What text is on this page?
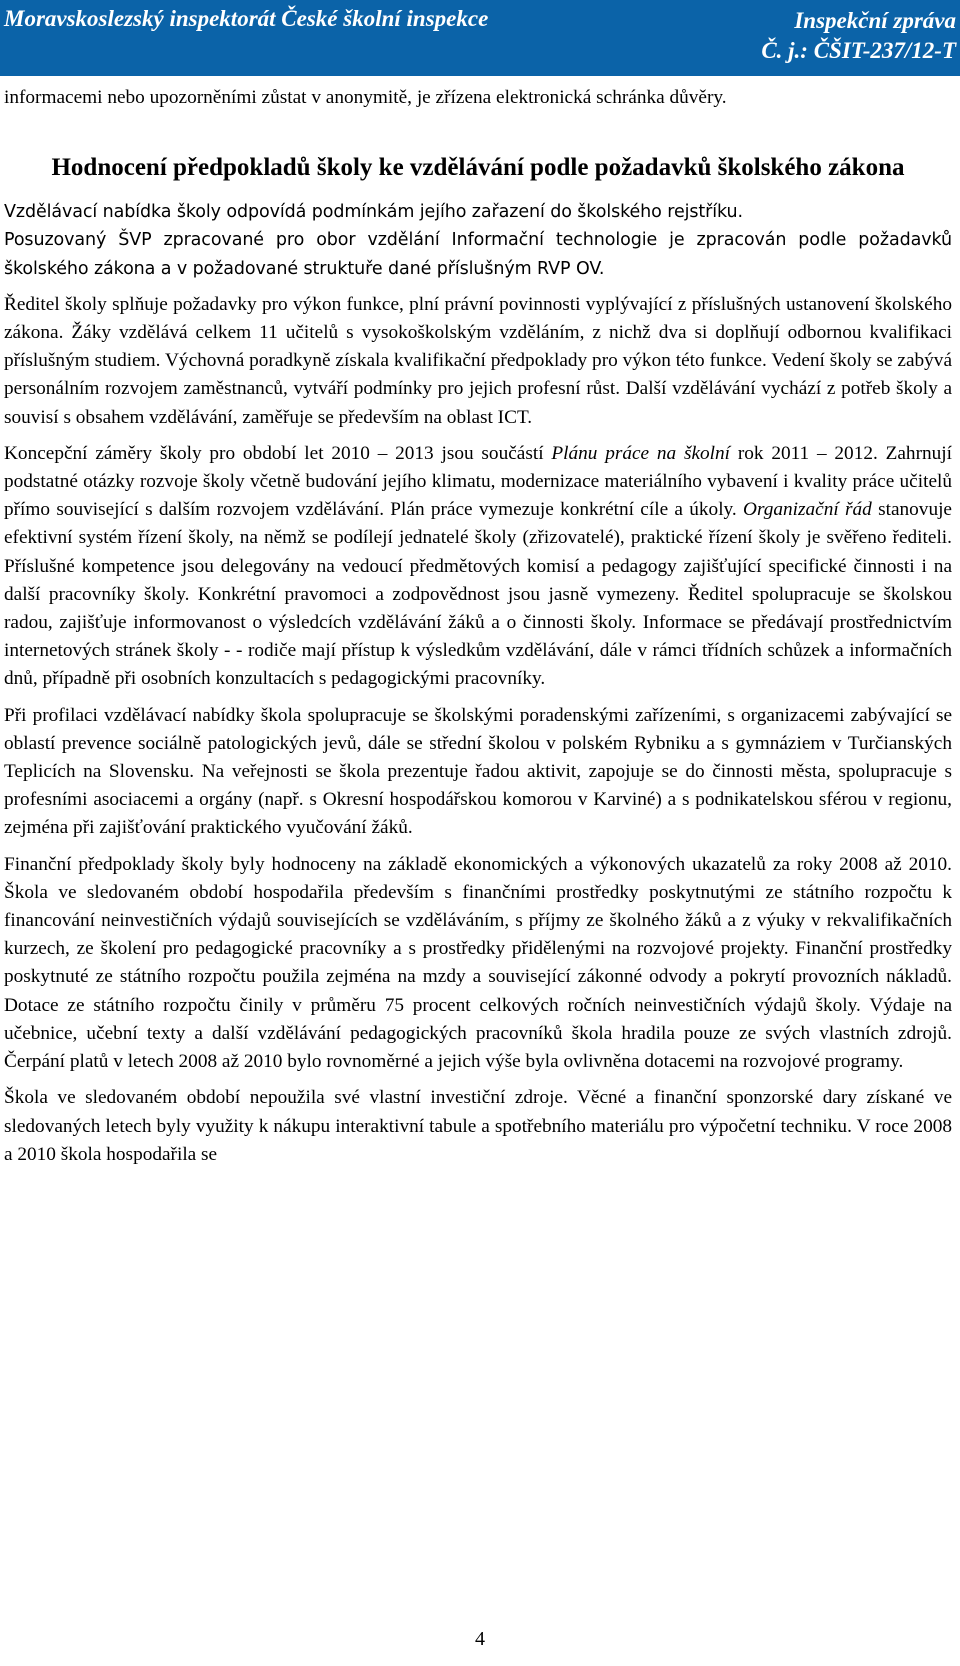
Moravskoslezský inspektorát České školní inspekce	Inspekční zpráva
Č. j.: ČŠIT-237/12-T

informacemi nebo upozorněními zůstat v anonymitě, je zřízena elektronická schránka důvěry.

Hodnocení předpokladů školy ke vzdělávání podle požadavků školského zákona

Vzdělávací nabídka školy odpovídá podmínkám jejího zařazení do školského rejstříku.

Posuzovaný ŠVP zpracované pro obor vzdělání Informační technologie je zpracován podle požadavků školského zákona a v požadované struktuře dané příslušným RVP OV.

Ředitel školy splňuje požadavky pro výkon funkce, plní právní povinnosti vyplývající z příslušných ustanovení školského zákona. Žáky vzdělává celkem 11 učitelů s vysokoškolským vzděláním, z nichž dva si doplňují odbornou kvalifikaci příslušným studiem. Výchovná poradkyně získala kvalifikační předpoklady pro výkon této funkce. Vedení školy se zabývá personálním rozvojem zaměstnanců, vytváří podmínky pro jejich profesní růst. Další vzdělávání vychází z potřeb školy a souvisí s obsahem vzdělávání, zaměřuje se především na oblast ICT.

Koncepční záměry školy pro období let 2010 – 2013 jsou součástí Plánu práce na školní rok 2011 – 2012. Zahrnují podstatné otázky rozvoje školy včetně budování jejího klimatu, modernizace materiálního vybavení i kvality práce učitelů přímo související s dalším rozvojem vzdělávání. Plán práce vymezuje konkrétní cíle a úkoly. Organizační řád stanovuje efektivní systém řízení školy, na němž se podílejí jednatelé školy (zřizovatelé), praktické řízení školy je svěřeno řediteli. Příslušné kompetence jsou delegovány na vedoucí předmětových komisí a pedagogy zajišťující specifické činnosti i na další pracovníky školy. Konkrétní pravomoci a zodpovědnost jsou jasně vymezeny. Ředitel spolupracuje se školskou radou, zajišťuje informovanost o výsledcích vzdělávání žáků a o činnosti školy. Informace se předávají prostřednictvím internetových stránek školy - - rodiče mají přístup k výsledkům vzdělávání, dále v rámci třídních schůzek a informačních dnů, případně při osobních konzultacích s pedagogickými pracovníky.

Při profilaci vzdělávací nabídky škola spolupracuje se školskými poradenskými zařízeními, s organizacemi zabývající se oblastí prevence sociálně patologických jevů, dále se střední školou v polském Rybniku a s gymnáziem v Turčianských Teplicích na Slovensku. Na veřejnosti se škola prezentuje řadou aktivit, zapojuje se do činnosti města, spolupracuje s profesními asociacemi a orgány (např. s Okresní hospodářskou komorou v Karviné) a s podnikatelskou sférou v regionu, zejména při zajišťování praktického vyučování žáků.

Finanční předpoklady školy byly hodnoceny na základě ekonomických a výkonových ukazatelů za roky 2008 až 2010. Škola ve sledovaném období hospodařila především s finančními prostředky poskytnutými ze státního rozpočtu k financování neinvestičních výdajů souvisejících se vzděláváním, s příjmy ze školného žáků a z výuky v rekvalifikačních kurzech, ze školení pro pedagogické pracovníky a s prostředky přidělenými na rozvojové projekty. Finanční prostředky poskytnuté ze státního rozpočtu použila zejména na mzdy a související zákonné odvody a pokrytí provozních nákladů. Dotace ze státního rozpočtu činily v průměru 75 procent celkových ročních neinvestičních výdajů školy. Výdaje na učebnice, učební texty a další vzdělávání pedagogických pracovníků škola hradila pouze ze svých vlastních zdrojů. Čerpání platů v letech 2008 až 2010 bylo rovnoměrné a jejich výše byla ovlivněna dotacemi na rozvojové programy.

Škola ve sledovaném období nepoužila své vlastní investiční zdroje. Věcné a finanční sponzorské dary získané ve sledovaných letech byly využity k nákupu interaktivní tabule a spotřebního materiálu pro výpočetní techniku. V roce 2008 a 2010 škola hospodařila se

4
